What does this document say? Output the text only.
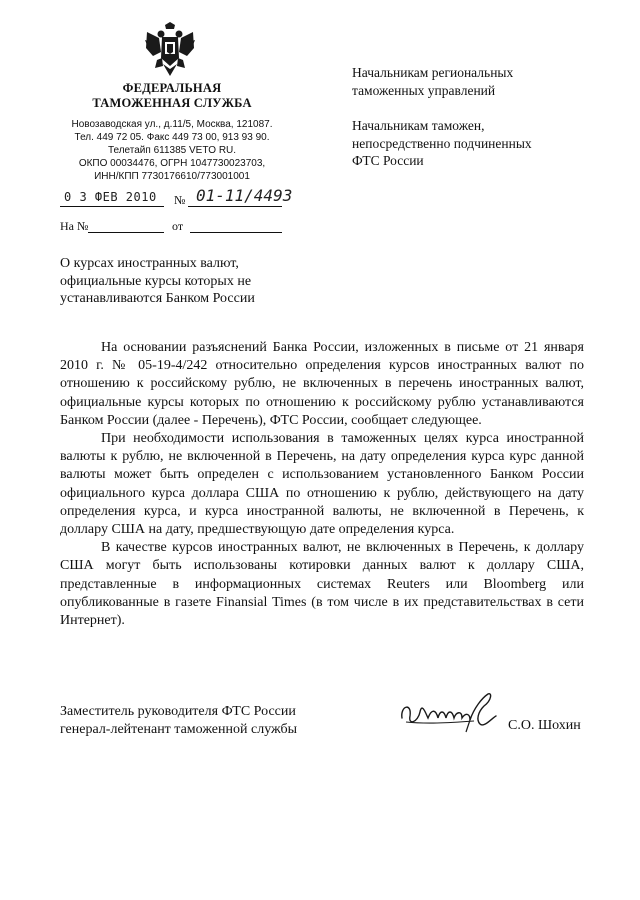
ФЕДЕРАЛЬНАЯ
ТАМОЖЕННАЯ СЛУЖБА
Новозаводская ул., д.11/5, Москва, 121087.
Тел. 449 72 05. Факс 449 73 00, 913 93 90.
Телетайп 611385 VETO RU.
ОКПО 00034476, ОГРН 1047730023703,
ИНН/КПП 7730176610/773001001
0 3 ФЕВ 2010 № 01-11/4493
На №	от
Начальникам региональных
таможенных управлений
Начальникам таможен,
непосредственно подчиненных
ФТС России
О курсах иностранных валют,
официальные курсы которых не
устанавливаются Банком России

На основании разъяснений Банка России, изложенных в письме от 21 января 2010 г. № 05-19-4/242 относительно определения курсов иностранных валют по отношению к российскому рублю, не включенных в перечень иностранных валют, официальные курсы которых по отношению к российскому рублю устанавливаются Банком России (далее - Перечень), ФТС России, сообщает следующее.

При необходимости использования в таможенных целях курса иностранной валюты к рублю, не включенной в Перечень, на дату определения курса курс данной валюты может быть определен с использованием установленного Банком России официального курса доллара США по отношению к рублю, действующего на дату определения курса, и курса иностранной валюты, не включенной в Перечень, к доллару США на дату, предшествующую дате определения курса.

В качестве курсов иностранных валют, не включенных в Перечень, к доллару США могут быть использованы котировки данных валют к доллару США, представленные в информационных системах Reuters или Bloomberg или опубликованные в газете Finansial Times (в том числе в их представительствах в сети Интернет).

Заместитель руководителя ФТС России
генерал-лейтенант таможенной службы	С.О. Шохин
